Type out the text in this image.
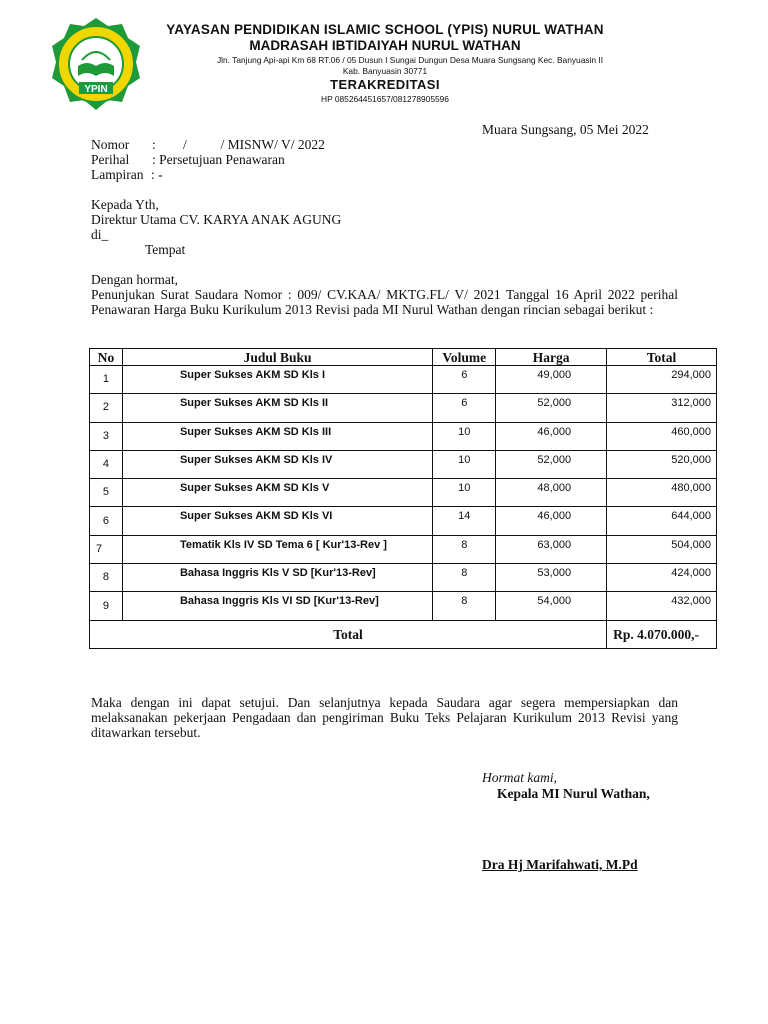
YPIN
YAYASAN PENDIDIKAN ISLAMIC SCHOOL (YPIS) NURUL WATHAN
MADRASAH IBTIDAIYAH NURUL WATHAN
Jln. Tanjung Api-api Km 68 RT.06 / 05 Dusun I Sungai Dungun Desa Muara Sungsang Kec. Banyuasin II
Kab. Banyuasin 30771
TERAKREDITASI
HP 085264451657/081278905596
Muara Sungsang, 05 Mei 2022
Nomor : /          / MISNW/ V/ 2022
Perihal : Persetujuan Penawaran
Lampiran : -
Kepada Yth,
Direktur Utama CV. KARYA ANAK AGUNG
di_
Tempat
Dengan hormat,
Penunjukan Surat Saudara Nomor : 009/ CV.KAA/ MKTG.FL/ V/ 2021 Tanggal 16 April 2022 perihal Penawaran Harga Buku Kurikulum 2013 Revisi pada MI Nurul Wathan dengan rincian sebagai berikut :
No	Judul Buku	Volume	Harga	Total
1	Super Sukses AKM SD Kls I	6	49,000	294,000
2	Super Sukses AKM SD Kls II	6	52,000	312,000
3	Super Sukses AKM SD Kls III	10	46,000	460,000
4	Super Sukses AKM SD Kls IV	10	52,000	520,000
5	Super Sukses AKM SD Kls V	10	48,000	480,000
6	Super Sukses AKM SD Kls VI	14	46,000	644,000
7	Tematik Kls IV SD Tema 6 [ Kur'13-Rev ]	8	63,000	504,000
8	Bahasa Inggris Kls V SD [Kur'13-Rev]	8	53,000	424,000
9	Bahasa Inggris Kls VI SD [Kur'13-Rev]	8	54,000	432,000
Total				Rp. 4.070.000,-
Maka dengan ini dapat setujui. Dan selanjutnya kepada Saudara agar segera mempersiapkan dan melaksanakan pekerjaan Pengadaan dan pengiriman Buku Teks Pelajaran Kurikulum 2013 Revisi yang ditawarkan tersebut.
Hormat kami,
Kepala MI Nurul Wathan,
Dra Hj Marifahwati, M.Pd
